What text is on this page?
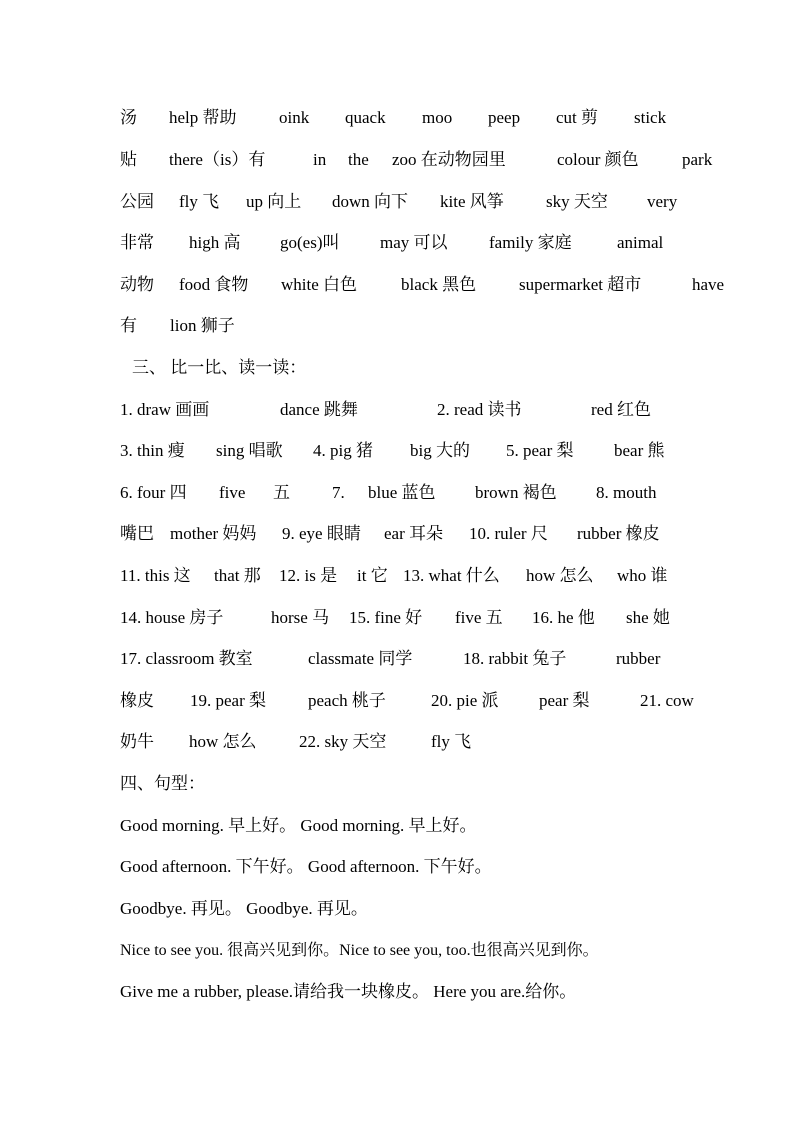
汤 help 帮助 oink quack moo peep cut 剪 stick
贴 there（is）有	in the zoo 在动物园里	colour 颜色	park
公园 fly 飞 up 向上 down 向下 kite 风筝 sky 天空 very
非常 high 高 go(es)叫 may 可以 family 家庭	animal
动物 food 食物 white 白色	black 黑色	supermarket 超市	have
有 lion 狮子
三、 比一比、读一读：
1. draw 画画	dance 跳舞	2. read 读书	red 红色
3. thin 瘦 sing 唱歌 4. pig 猪 big 大的 5. pear 梨 bear 熊
6. four 四 five 五 7. blue 蓝色 brown 褐色 8. mouth
嘴巴 mother 妈妈 9. eye 眼睛 ear 耳朵 10. ruler 尺 rubber 橡皮
11. this 这 that 那 12. is 是 it 它 13. what 什么 how 怎么 who 谁
14. house 房子	horse 马 15. fine 好 five 五 16. he 他 she 她
17. classroom 教室	classmate 同学	18. rabbit 兔子	rubber
橡皮 19. pear 梨 peach 桃子	20. pie 派 pear 梨	21. cow
奶牛 how 怎么 22. sky 天空	fly 飞
四、句型：
Good morning. 早上好。 Good morning. 早上好。
Good afternoon. 下午好。 Good afternoon. 下午好。
Goodbye. 再见。 Goodbye. 再见。
Nice to see you. 很高兴见到你。Nice to see you, too.也很高兴见到你。
Give me a rubber, please.请给我一块橡皮。 Here you are.给你。
